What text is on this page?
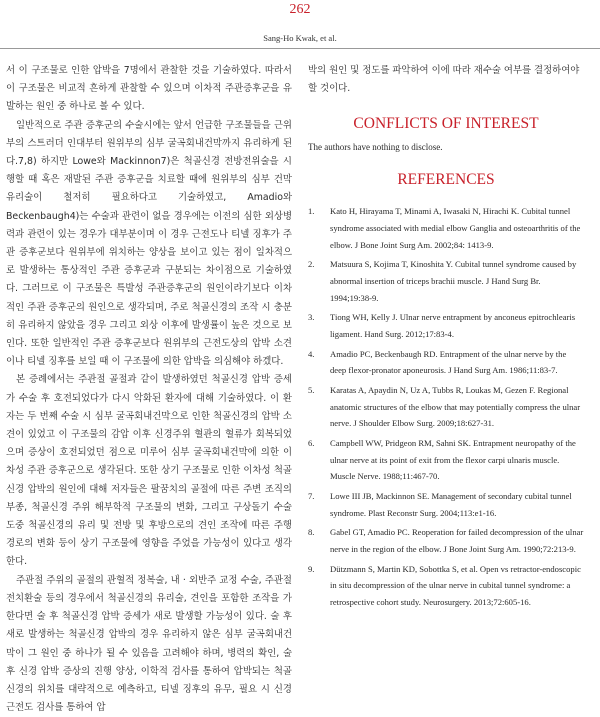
262
Sang-Ho Kwak, et al.

서 이 구조물로 인한 압박을 7명에서 관찰한 것을 기술하였다. 따라서 이 구조물은 비교적 흔하게 관찰할 수 있으며 이차적 주관증후군을 유발하는 원인 중 하나로 볼 수 있다.

일반적으로 주관 증후군의 수술시에는 앞서 언급한 구조물들을 근위부의 스트러더 인대부터 원위부의 심부 굴곡회내건막까지 유리하게 된다.7,8) 하지만 Lowe와 Mackinnon7)은 척골신경 전방전위술을 시행할 때 혹은 재발된 주관 증후군을 치료할 때에 원위부의 심부 건막 유리술이 철저히 필요하다고 기술하였고, Amadio와 Beckenbaugh4)는 수술과 관련이 없을 경우에는 이전의 심한 외상병력과 관련이 있는 경우가 대부분이며 이 경우 근전도나 티넬 징후가 주관 증후군보다 원위부에 위치하는 양상을 보이고 있는 점이 일차적으로 발생하는 통상적인 주관 증후군과 구분되는 차이점으로 기술하였다. 그러므로 이 구조물은 특발성 주관증후군의 원인이라기보다 이차적인 주관 증후군의 원인으로 생각되며, 주로 척골신경의 조작 시 충분히 유리하지 않았을 경우 그리고 외상 이후에 발생률이 높은 것으로 보인다. 또한 일반적인 주관 증후군보다 원위부의 근전도상의 압박 소견이나 티넬 징후를 보일 때 이 구조물에 의한 압박을 의심해야 하겠다.

본 증례에서는 주관절 골절과 같이 발생하였던 척골신경 압박 증세가 수술 후 호전되었다가 다시 악화된 환자에 대해 기술하였다. 이 환자는 두 번째 수술 시 심부 굴곡회내건막으로 인한 척골신경의 압박 소견이 있었고 이 구조물의 감압 이후 신경주위 혈관의 혈류가 회복되었으며 증상이 호전되었던 점으로 미루어 심부 굴곡회내건막에 의한 이차성 주관 증후군으로 생각된다. 또한 상기 구조물로 인한 이차성 척골신경 압박의 원인에 대해 저자들은 팔꿈치의 골절에 따른 주변 조직의 부종, 척골신경 주위 해부학적 구조물의 변화, 그리고 구상돌기 수술 도중 척골신경의 유리 및 전방 및 후방으로의 견인 조작에 따른 주행 경로의 변화 등이 상기 구조물에 영향을 주었을 가능성이 있다고 생각한다.

주관절 주위의 골절의 관혈적 정복술, 내 · 외반주 교정 수술, 주관절 전치환술 등의 경우에서 척골신경의 유리술, 견인을 포함한 조작을 가한다면 술 후 척골신경 압박 증세가 새로 발생할 가능성이 있다. 술 후 새로 발생하는 척골신경 압박의 경우 유리하지 않은 심부 굴곡회내건막이 그 원인 중 하나가 될 수 있음을 고려해야 하며, 병력의 확인, 술 후 신경 압박 증상의 진행 양상, 이학적 검사를 통하여 압박되는 척골신경의 위치를 대략적으로 예측하고, 티넬 징후의 유무, 필요 시 신경근전도 검사를 통하여 압

박의 원인 및 정도를 파악하여 이에 따라 재수술 여부를 결정하여야 할 것이다.
CONFLICTS OF INTEREST
The authors have nothing to disclose.
REFERENCES
1. Kato H, Hirayama T, Minami A, Iwasaki N, Hirachi K. Cubital tunnel syndrome associated with medial elbow Ganglia and osteoarthritis of the elbow. J Bone Joint Surg Am. 2002;84: 1413-9.
2. Matsuura S, Kojima T, Kinoshita Y. Cubital tunnel syndrome caused by abnormal insertion of triceps brachii muscle. J Hand Surg Br. 1994;19:38-9.
3. Tiong WH, Kelly J. Ulnar nerve entrapment by anconeus epitrochlearis ligament. Hand Surg. 2012;17:83-4.
4. Amadio PC, Beckenbaugh RD. Entrapment of the ulnar nerve by the deep flexor-pronator aponeurosis. J Hand Surg Am. 1986;11:83-7.
5. Karatas A, Apaydin N, Uz A, Tubbs R, Loukas M, Gezen F. Regional anatomic structures of the elbow that may potentially compress the ulnar nerve. J Shoulder Elbow Surg. 2009;18:627-31.
6. Campbell WW, Pridgeon RM, Sahni SK. Entrapment neuropathy of the ulnar nerve at its point of exit from the flexor carpi ulnaris muscle. Muscle Nerve. 1988;11:467-70.
7. Lowe III JB, Mackinnon SE. Management of secondary cubital tunnel syndrome. Plast Reconstr Surg. 2004;113:e1-16.
8. Gabel GT, Amadio PC. Reoperation for failed decompression of the ulnar nerve in the region of the elbow. J Bone Joint Surg Am. 1990;72:213-9.
9. Dützmann S, Martin KD, Sobottka S, et al. Open vs retractor-endoscopic in situ decompression of the ulnar nerve in cubital tunnel syndrome: a retrospective cohort study. Neurosurgery. 2013;72:605-16.
